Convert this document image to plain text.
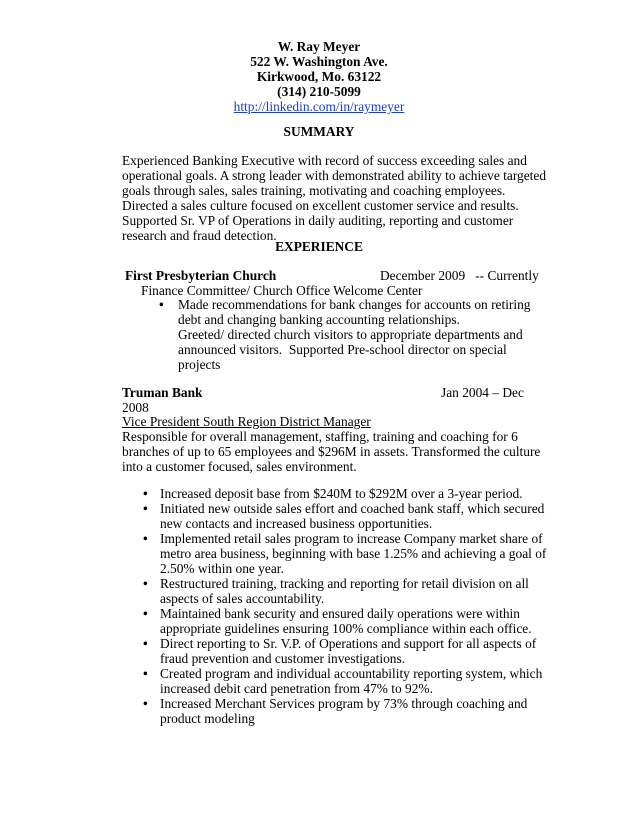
W. Ray Meyer
522 W. Washington Ave.
Kirkwood, Mo. 63122
(314) 210-5099
http://linkedin.com/in/raymeyer
SUMMARY
Experienced Banking Executive with record of success exceeding sales and operational goals. A strong leader with demonstrated ability to achieve targeted goals through sales, sales training, motivating and coaching employees. Directed a sales culture focused on excellent customer service and results. Supported Sr. VP of Operations in daily auditing, reporting and customer research and fraud detection.
EXPERIENCE
First Presbyterian Church	December 2009   -- Currently
Finance Committee/ Church Office Welcome Center
• Made recommendations for bank changes for accounts on retiring debt and changing banking accounting relationships.
Greeted/ directed church visitors to appropriate departments and announced visitors.  Supported Pre-school director on special projects
Truman Bank	Jan 2004 – Dec
2008
Vice President South Region District Manager
Responsible for overall management, staffing, training and coaching for 6 branches of up to 65 employees and $296M in assets. Transformed the culture into a customer focused, sales environment.
• Increased deposit base from $240M to $292M over a 3-year period.
• Initiated new outside sales effort and coached bank staff, which secured new contacts and increased business opportunities.
• Implemented retail sales program to increase Company market share of metro area business, beginning with base 1.25% and achieving a goal of 2.50% within one year.
• Restructured training, tracking and reporting for retail division on all aspects of sales accountability.
• Maintained bank security and ensured daily operations were within appropriate guidelines ensuring 100% compliance within each office.
• Direct reporting to Sr. V.P. of Operations and support for all aspects of fraud prevention and customer investigations.
• Created program and individual accountability reporting system, which increased debit card penetration from 47% to 92%.
• Increased Merchant Services program by 73% through coaching and product modeling
